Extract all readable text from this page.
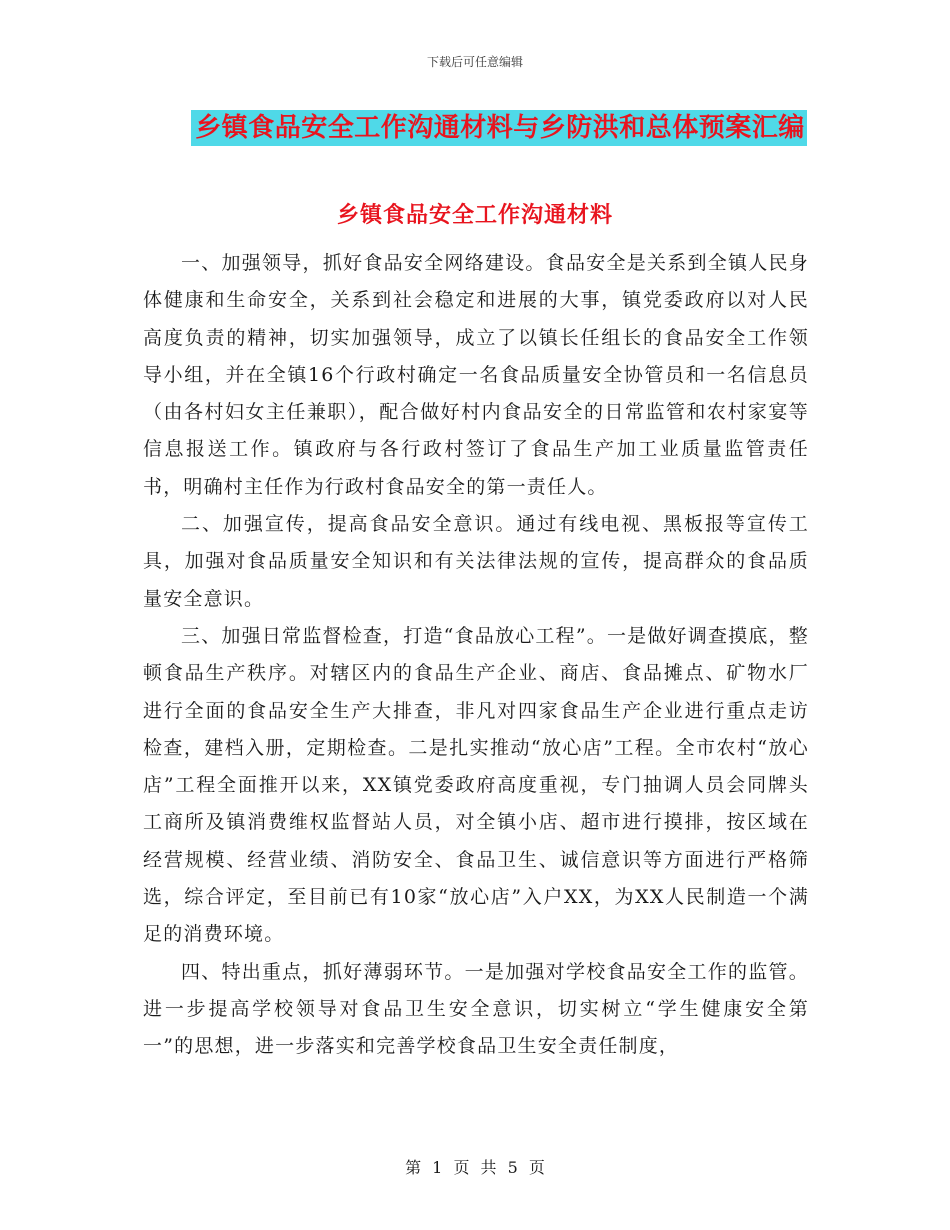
下载后可任意编辑
乡镇食品安全工作沟通材料与乡防洪和总体预案汇编
乡镇食品安全工作沟通材料

一、加强领导，抓好食品安全网络建设。食品安全是关系到全镇人民身体健康和生命安全，关系到社会稳定和进展的大事，镇党委政府以对人民高度负责的精神，切实加强领导，成立了以镇长任组长的食品安全工作领导小组，并在全镇16个行政村确定一名食品质量安全协管员和一名信息员（由各村妇女主任兼职），配合做好村内食品安全的日常监管和农村家宴等信息报送工作。镇政府与各行政村签订了食品生产加工业质量监管责任书，明确村主任作为行政村食品安全的第一责任人。

二、加强宣传，提高食品安全意识。通过有线电视、黑板报等宣传工具，加强对食品质量安全知识和有关法律法规的宣传，提高群众的食品质量安全意识。

三、加强日常监督检查，打造“食品放心工程”。一是做好调查摸底，整顿食品生产秩序。对辖区内的食品生产企业、商店、食品摊点、矿物水厂进行全面的食品安全生产大排查，非凡对四家食品生产企业进行重点走访检查，建档入册，定期检查。二是扎实推动“放心店”工程。全市农村“放心店”工程全面推开以来，XX镇党委政府高度重视，专门抽调人员会同牌头工商所及镇消费维权监督站人员，对全镇小店、超市进行摸排，按区域在经营规模、经营业绩、消防安全、食品卫生、诚信意识等方面进行严格筛选，综合评定，至目前已有10家“放心店”入户XX，为XX人民制造一个满足的消费环境。

四、特出重点，抓好薄弱环节。一是加强对学校食品安全工作的监管。进一步提高学校领导对食品卫生安全意识，切实树立“学生健康安全第一”的思想，进一步落实和完善学校食品卫生安全责任制度，

第 1 页 共 5 页
